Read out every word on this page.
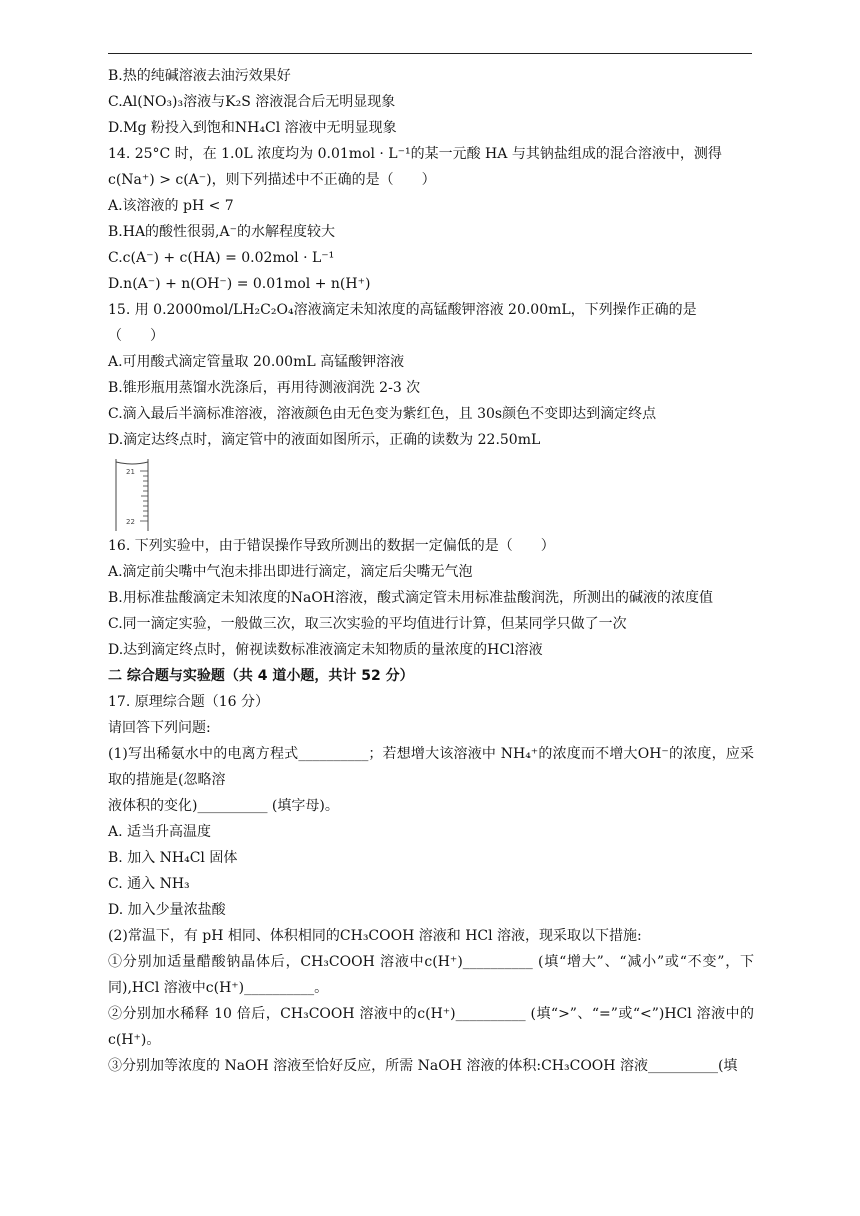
B.热的纯碱溶液去油污效果好
C.Al(NO₃)₃溶液与K₂S 溶液混合后无明显现象
D.Mg 粉投入到饱和NH₄Cl 溶液中无明显现象
14. 25°C 时，在 1.0L 浓度均为 0.01mol · L⁻¹的某一元酸 HA 与其钠盐组成的混合溶液中，测得
c(Na⁺) > c(A⁻)，则下列描述中不正确的是（　　）
A.该溶液的 pH < 7
B.HA的酸性很弱,A⁻的水解程度较大
C.c(A⁻) + c(HA) = 0.02mol · L⁻¹
D.n(A⁻) + n(OH⁻) = 0.01mol + n(H⁺)
15. 用 0.2000mol/LH₂C₂O₄溶液滴定未知浓度的高锰酸钾溶液 20.00mL，下列操作正确的是
（　　）
A.可用酸式滴定管量取 20.00mL 高锰酸钾溶液
B.锥形瓶用蒸馏水洗涤后，再用待测液润洗 2-3 次
C.滴入最后半滴标准溶液，溶液颜色由无色变为紫红色，且 30s颜色不变即达到滴定终点
D.滴定达终点时，滴定管中的液面如图所示，正确的读数为 22.50mL
21
22
16. 下列实验中，由于错误操作导致所测出的数据一定偏低的是（　　）
A.滴定前尖嘴中气泡未排出即进行滴定，滴定后尖嘴无气泡
B.用标准盐酸滴定未知浓度的NaOH溶液，酸式滴定管未用标准盐酸润洗，所测出的碱液的浓度值
C.同一滴定实验，一般做三次，取三次实验的平均值进行计算，但某同学只做了一次
D.达到滴定终点时，俯视读数标准液滴定未知物质的量浓度的HCl溶液
二 综合题与实验题（共 4 道小题，共计 52 分）
17. 原理综合题（16 分）
请回答下列问题:
(1)写出稀氨水中的电离方程式__________；若想增大该溶液中 NH₄⁺的浓度而不增大OH⁻的浓度，应采取的措施是(忽略溶
液体积的变化)__________ (填字母)。
A. 适当升高温度
B. 加入 NH₄Cl 固体
C. 通入 NH₃
D. 加入少量浓盐酸
(2)常温下，有 pH 相同、体积相同的CH₃COOH 溶液和 HCl 溶液，现采取以下措施:
①分别加适量醋酸钠晶体后，CH₃COOH 溶液中c(H⁺)__________ (填“增大”、“减小”或“不变”，下同),HCl 溶液中c(H⁺)__________。
②分别加水稀释 10 倍后，CH₃COOH 溶液中的c(H⁺)__________ (填“>”、“=”或“<”)HCl 溶液中的c(H⁺)。
③分别加等浓度的 NaOH 溶液至恰好反应，所需 NaOH 溶液的体积:CH₃COOH 溶液__________(填
